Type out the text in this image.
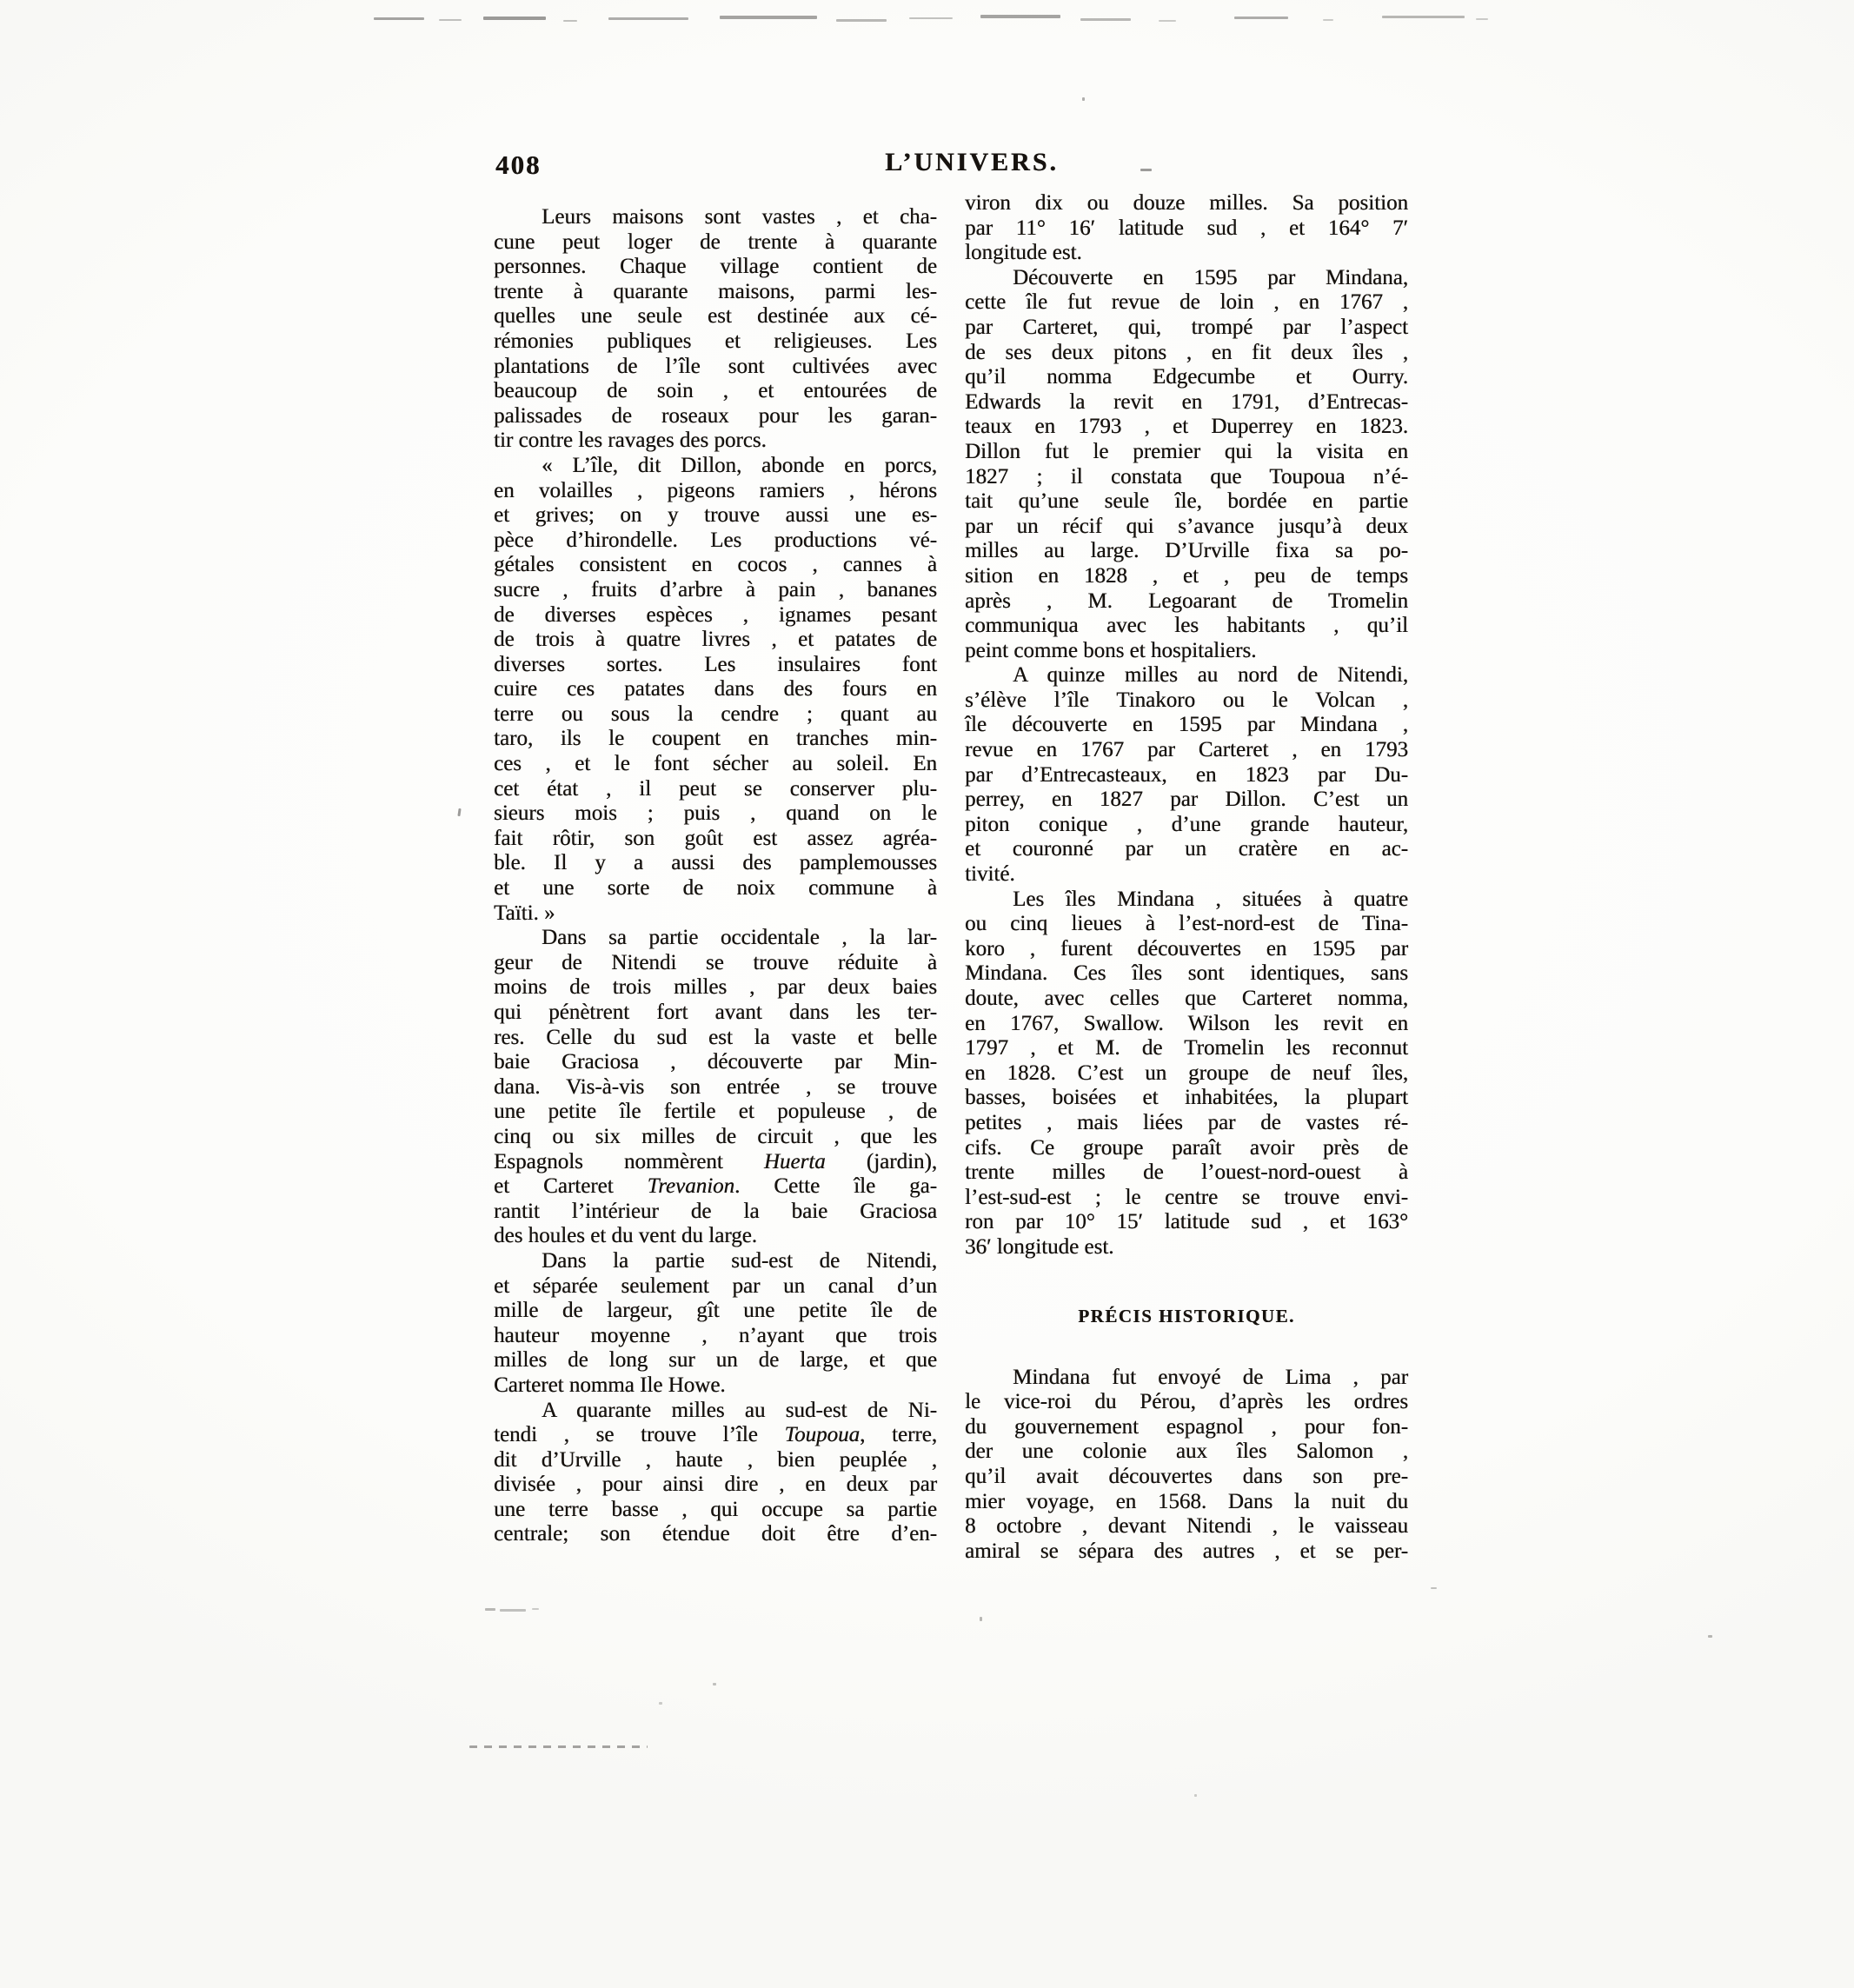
408	L’UNIVERS.
Leurs maisons sont vastes , et cha-
cune peut loger de trente à quarante
personnes. Chaque village contient de
trente à quarante maisons, parmi les-
quelles une seule est destinée aux cé-
rémonies publiques et religieuses. Les
plantations de l’île sont cultivées avec
beaucoup de soin , et entourées de
palissades de roseaux pour les garan-
tir contre les ravages des porcs.
« L’île, dit Dillon, abonde en porcs,
en volailles , pigeons ramiers , hérons
et grives; on y trouve aussi une es-
pèce d’hirondelle. Les productions vé-
gétales consistent en cocos , cannes à
sucre , fruits d’arbre à pain , bananes
de diverses espèces , ignames pesant
de trois à quatre livres , et patates de
diverses sortes. Les insulaires font
cuire ces patates dans des fours en
terre ou sous la cendre ; quant au
taro, ils le coupent en tranches min-
ces , et le font sécher au soleil. En
cet état , il peut se conserver plu-
sieurs mois ; puis , quand on le
fait rôtir, son goût est assez agréa-
ble. Il y a aussi des pamplemousses
et une sorte de noix commune à
Taïti. »
Dans sa partie occidentale , la lar-
geur de Nitendi se trouve réduite à
moins de trois milles , par deux baies
qui pénètrent fort avant dans les ter-
res. Celle du sud est la vaste et belle
baie Graciosa , découverte par Min-
dana. Vis-à-vis son entrée , se trouve
une petite île fertile et populeuse , de
cinq ou six milles de circuit , que les
Espagnols nommèrent Huerta (jardin),
et Carteret Trevanion. Cette île ga-
rantit l’intérieur de la baie Graciosa
des houles et du vent du large.
Dans la partie sud-est de Nitendi,
et séparée seulement par un canal d’un
mille de largeur, gît une petite île de
hauteur moyenne , n’ayant que trois
milles de long sur un de large, et que
Carteret nomma Ile Howe.
A quarante milles au sud-est de Ni-
tendi , se trouve l’île Toupoua, terre,
dit d’Urville , haute , bien peuplée ,
divisée , pour ainsi dire , en deux par
une terre basse , qui occupe sa partie
centrale; son étendue doit être d’en-
viron dix ou douze milles. Sa position
par 11° 16′ latitude sud , et 164° 7′
longitude est.
Découverte en 1595 par Mindana,
cette île fut revue de loin , en 1767 ,
par Carteret, qui, trompé par l’aspect
de ses deux pitons , en fit deux îles ,
qu’il nomma Edgecumbe et Ourry.
Edwards la revit en 1791, d’Entrecas-
teaux en 1793 , et Duperrey en 1823.
Dillon fut le premier qui la visita en
1827 ; il constata que Toupoua n’é-
tait qu’une seule île, bordée en partie
par un récif qui s’avance jusqu’à deux
milles au large. D’Urville fixa sa po-
sition en 1828 , et , peu de temps
après , M. Legoarant de Tromelin
communiqua avec les habitants , qu’il
peint comme bons et hospitaliers.
A quinze milles au nord de Nitendi,
s’élève l’île Tinakoro ou le Volcan ,
île découverte en 1595 par Mindana ,
revue en 1767 par Carteret , en 1793
par d’Entrecasteaux, en 1823 par Du-
perrey, en 1827 par Dillon. C’est un
piton conique , d’une grande hauteur,
et couronné par un cratère en ac-
tivité.
Les îles Mindana , situées à quatre
ou cinq lieues à l’est-nord-est de Tina-
koro , furent découvertes en 1595 par
Mindana. Ces îles sont identiques, sans
doute, avec celles que Carteret nomma,
en 1767, Swallow. Wilson les revit en
1797 , et M. de Tromelin les reconnut
en 1828. C’est un groupe de neuf îles,
basses, boisées et inhabitées, la plupart
petites , mais liées par de vastes ré-
cifs. Ce groupe paraît avoir près de
trente milles de l’ouest-nord-ouest à
l’est-sud-est ; le centre se trouve envi-
ron par 10° 15′ latitude sud , et 163°
36′ longitude est.
PRÉCIS HISTORIQUE.
Mindana fut envoyé de Lima , par
le vice-roi du Pérou, d’après les ordres
du gouvernement espagnol , pour fon-
der une colonie aux îles Salomon ,
qu’il avait découvertes dans son pre-
mier voyage, en 1568. Dans la nuit du
8 octobre , devant Nitendi , le vaisseau
amiral se sépara des autres , et se per-
